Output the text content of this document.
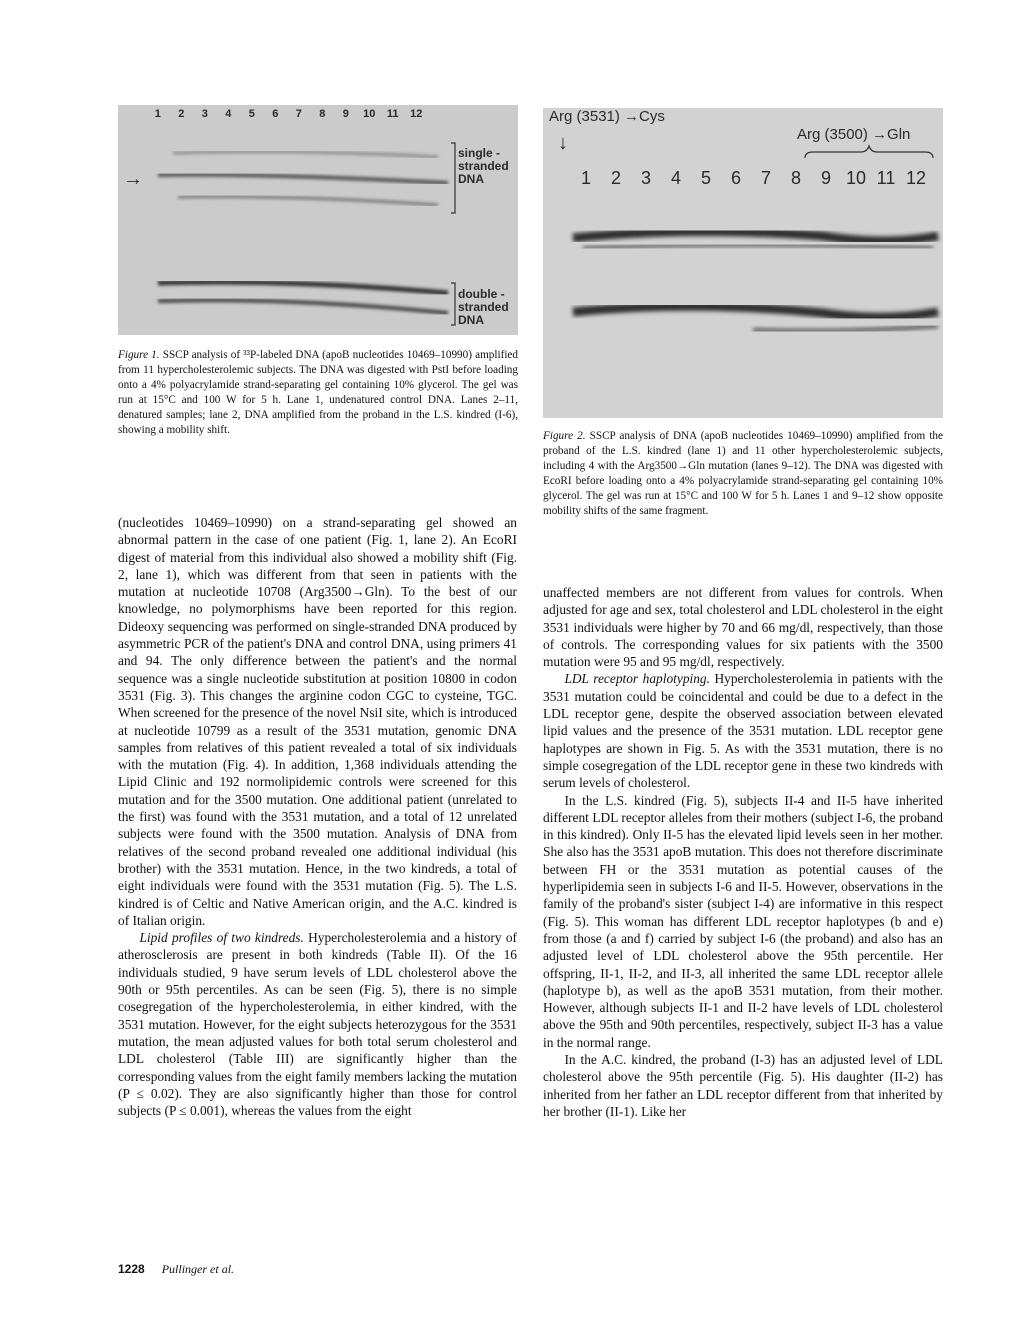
1	2	3	4	5	6	7	8	9	10	11	12
→
single -
stranded
DNA
double -
stranded
DNA
Figure 1. SSCP analysis of ³³P-labeled DNA (apoB nucleotides 10469–10990) amplified from 11 hypercholesterolemic subjects. The DNA was digested with PstI before loading onto a 4% polyacrylamide strand-separating gel containing 10% glycerol. The gel was run at 15°C and 100 W for 5 h. Lane 1, undenatured control DNA. Lanes 2–11, denatured samples; lane 2, DNA amplified from the proband in the L.S. kindred (I-6), showing a mobility shift.
Arg (3531) →Cys
↓	Arg (3500) →Gln
1	2	3	4	5	6	7	8	9 10 11 12
Figure 2. SSCP analysis of DNA (apoB nucleotides 10469–10990) amplified from the proband of the L.S. kindred (lane 1) and 11 other hypercholesterolemic subjects, including 4 with the Arg3500→Gln mutation (lanes 9–12). The DNA was digested with EcoRI before loading onto a 4% polyacrylamide strand-separating gel containing 10% glycerol. The gel was run at 15°C and 100 W for 5 h. Lanes 1 and 9–12 show opposite mobility shifts of the same fragment.

(nucleotides 10469–10990) on a strand-separating gel showed an abnormal pattern in the case of one patient (Fig. 1, lane 2). An EcoRI digest of material from this individual also showed a mobility shift (Fig. 2, lane 1), which was different from that seen in patients with the mutation at nucleotide 10708 (Arg3500→Gln). To the best of our knowledge, no polymorphisms have been reported for this region. Dideoxy sequencing was performed on single-stranded DNA produced by asymmetric PCR of the patient's DNA and control DNA, using primers 41 and 94. The only difference between the patient's and the normal sequence was a single nucleotide substitution at position 10800 in codon 3531 (Fig. 3). This changes the arginine codon CGC to cysteine, TGC. When screened for the presence of the novel NsiI site, which is introduced at nucleotide 10799 as a result of the 3531 mutation, genomic DNA samples from relatives of this patient revealed a total of six individuals with the mutation (Fig. 4). In addition, 1,368 individuals attending the Lipid Clinic and 192 normolipidemic controls were screened for this mutation and for the 3500 mutation. One additional patient (unrelated to the first) was found with the 3531 mutation, and a total of 12 unrelated subjects were found with the 3500 mutation. Analysis of DNA from relatives of the second proband revealed one additional individual (his brother) with the 3531 mutation. Hence, in the two kindreds, a total of eight individuals were found with the 3531 mutation (Fig. 5). The L.S. kindred is of Celtic and Native American origin, and the A.C. kindred is of Italian origin.

Lipid profiles of two kindreds. Hypercholesterolemia and a history of atherosclerosis are present in both kindreds (Table II). Of the 16 individuals studied, 9 have serum levels of LDL cholesterol above the 90th or 95th percentiles. As can be seen (Fig. 5), there is no simple cosegregation of the hypercholesterolemia, in either kindred, with the 3531 mutation. However, for the eight subjects heterozygous for the 3531 mutation, the mean adjusted values for both total serum cholesterol and LDL cholesterol (Table III) are significantly higher than the corresponding values from the eight family members lacking the mutation (P ≤ 0.02). They are also significantly higher than those for control subjects (P ≤ 0.001), whereas the values from the eight

unaffected members are not different from values for controls. When adjusted for age and sex, total cholesterol and LDL cholesterol in the eight 3531 individuals were higher by 70 and 66 mg/dl, respectively, than those of controls. The corresponding values for six patients with the 3500 mutation were 95 and 95 mg/dl, respectively.

LDL receptor haplotyping. Hypercholesterolemia in patients with the 3531 mutation could be coincidental and could be due to a defect in the LDL receptor gene, despite the observed association between elevated lipid values and the presence of the 3531 mutation. LDL receptor gene haplotypes are shown in Fig. 5. As with the 3531 mutation, there is no simple cosegregation of the LDL receptor gene in these two kindreds with serum levels of cholesterol.

In the L.S. kindred (Fig. 5), subjects II-4 and II-5 have inherited different LDL receptor alleles from their mothers (subject I-6, the proband in this kindred). Only II-5 has the elevated lipid levels seen in her mother. She also has the 3531 apoB mutation. This does not therefore discriminate between FH or the 3531 mutation as potential causes of the hyperlipidemia seen in subjects I-6 and II-5. However, observations in the family of the proband's sister (subject I-4) are informative in this respect (Fig. 5). This woman has different LDL receptor haplotypes (b and e) from those (a and f) carried by subject I-6 (the proband) and also has an adjusted level of LDL cholesterol above the 95th percentile. Her offspring, II-1, II-2, and II-3, all inherited the same LDL receptor allele (haplotype b), as well as the apoB 3531 mutation, from their mother. However, although subjects II-1 and II-2 have levels of LDL cholesterol above the 95th and 90th percentiles, respectively, subject II-3 has a value in the normal range.

In the A.C. kindred, the proband (I-3) has an adjusted level of LDL cholesterol above the 95th percentile (Fig. 5). His daughter (II-2) has inherited from her father an LDL receptor different from that inherited by her brother (II-1). Like her

1228 Pullinger et al.
